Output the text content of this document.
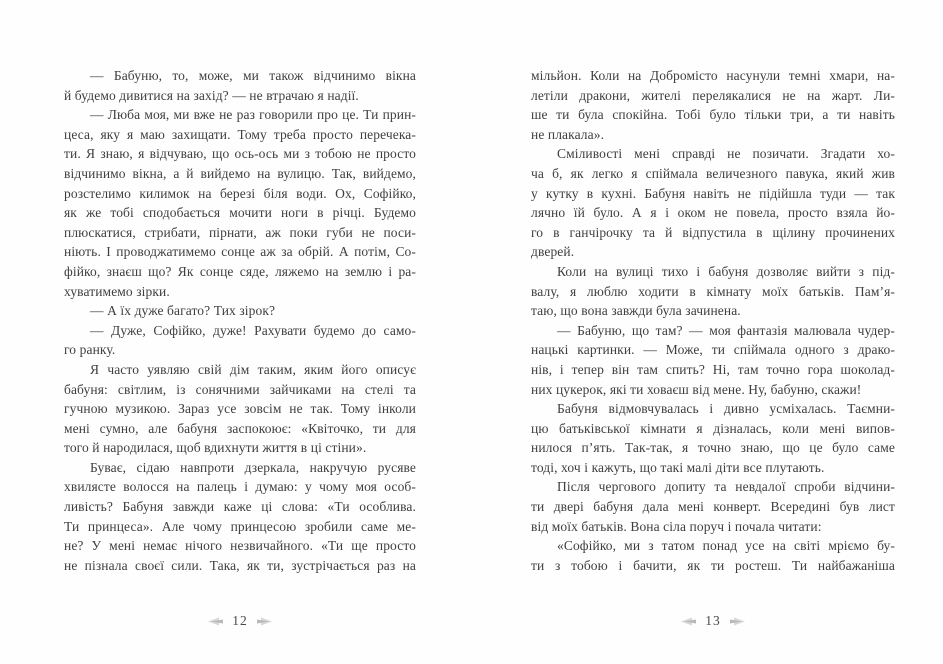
— Бабуню, то, може, ми також відчинимо вікна
й будемо дивитися на захід? — не втрачаю я надії.
— Люба моя, ми вже не раз говорили про це. Ти прин-
цеса, яку я маю захищати. Тому треба просто перечека-
ти. Я знаю, я відчуваю, що ось-ось ми з тобою не просто
відчинимо вікна, а й вийдемо на вулицю. Так, вийдемо,
розстелимо килимок на березі біля води. Ох, Софійко,
як же тобі сподобається мочити ноги в річці. Будемо
плюскатися, стрибати, пірнати, аж поки губи не поси-
ніють. І проводжатимемо сонце аж за обрій. А потім, Со-
фійко, знаєш що? Як сонце сяде, ляжемо на землю і ра-
хуватимемо зірки.
— А їх дуже багато? Тих зірок?
— Дуже, Софійко, дуже! Рахувати будемо до само-
го ранку.
Я часто уявляю свій дім таким, яким його описує
бабуня: світлим, із сонячними зайчиками на стелі та
гучною музикою. Зараз усе зовсім не так. Тому інколи
мені сумно, але бабуня заспокоює: «Квіточко, ти для
того й народилася, щоб вдихнути життя в ці стіни».
Буває, сідаю навпроти дзеркала, накручую русяве
хвилясте волосся на палець і думаю: у чому моя особ-
ливість? Бабуня завжди каже ці слова: «Ти особлива.
Ти принцеса». Але чому принцесою зробили саме ме-
не? У мені немає нічого незвичайного. «Ти ще просто
не пізнала своєї сили. Така, як ти, зустрічається раз на
12
мільйон. Коли на Добромісто насунули темні хмари, на-
летіли дракони, жителі перелякалися не на жарт. Ли-
ше ти була спокійна. Тобі було тільки три, а ти навіть
не плакала».
Сміливості мені справді не позичати. Згадати хо-
ча б, як легко я спіймала величезного павука, який жив
у кутку в кухні. Бабуня навіть не підійшла туди — так
лячно їй було. А я і оком не повела, просто взяла йо-
го в ганчірочку та й відпустила в щілину прочинених
дверей.
Коли на вулиці тихо і бабуня дозволяє вийти з під-
валу, я люблю ходити в кімнату моїх батьків. Пам’я-
таю, що вона завжди була зачинена.
— Бабуню, що там? — моя фантазія малювала чудер-
нацькі картинки. — Може, ти спіймала одного з драко-
нів, і тепер він там спить? Ні, там точно гора шоколад-
них цукерок, які ти ховаєш від мене. Ну, бабуню, скажи!
Бабуня відмовчувалась і дивно усміхалась. Таємни-
цю батьківської кімнати я дізналась, коли мені випов-
нилося п’ять. Так-так, я точно знаю, що це було саме
тоді, хоч і кажуть, що такі малі діти все плутають.
Після чергового допиту та невдалої спроби відчини-
ти двері бабуня дала мені конверт. Всередині був лист
від моїх батьків. Вона сіла поруч і почала читати:
«Софійко, ми з татом понад усе на світі мріємо бу-
ти з тобою і бачити, як ти ростеш. Ти найбажаніша
13
